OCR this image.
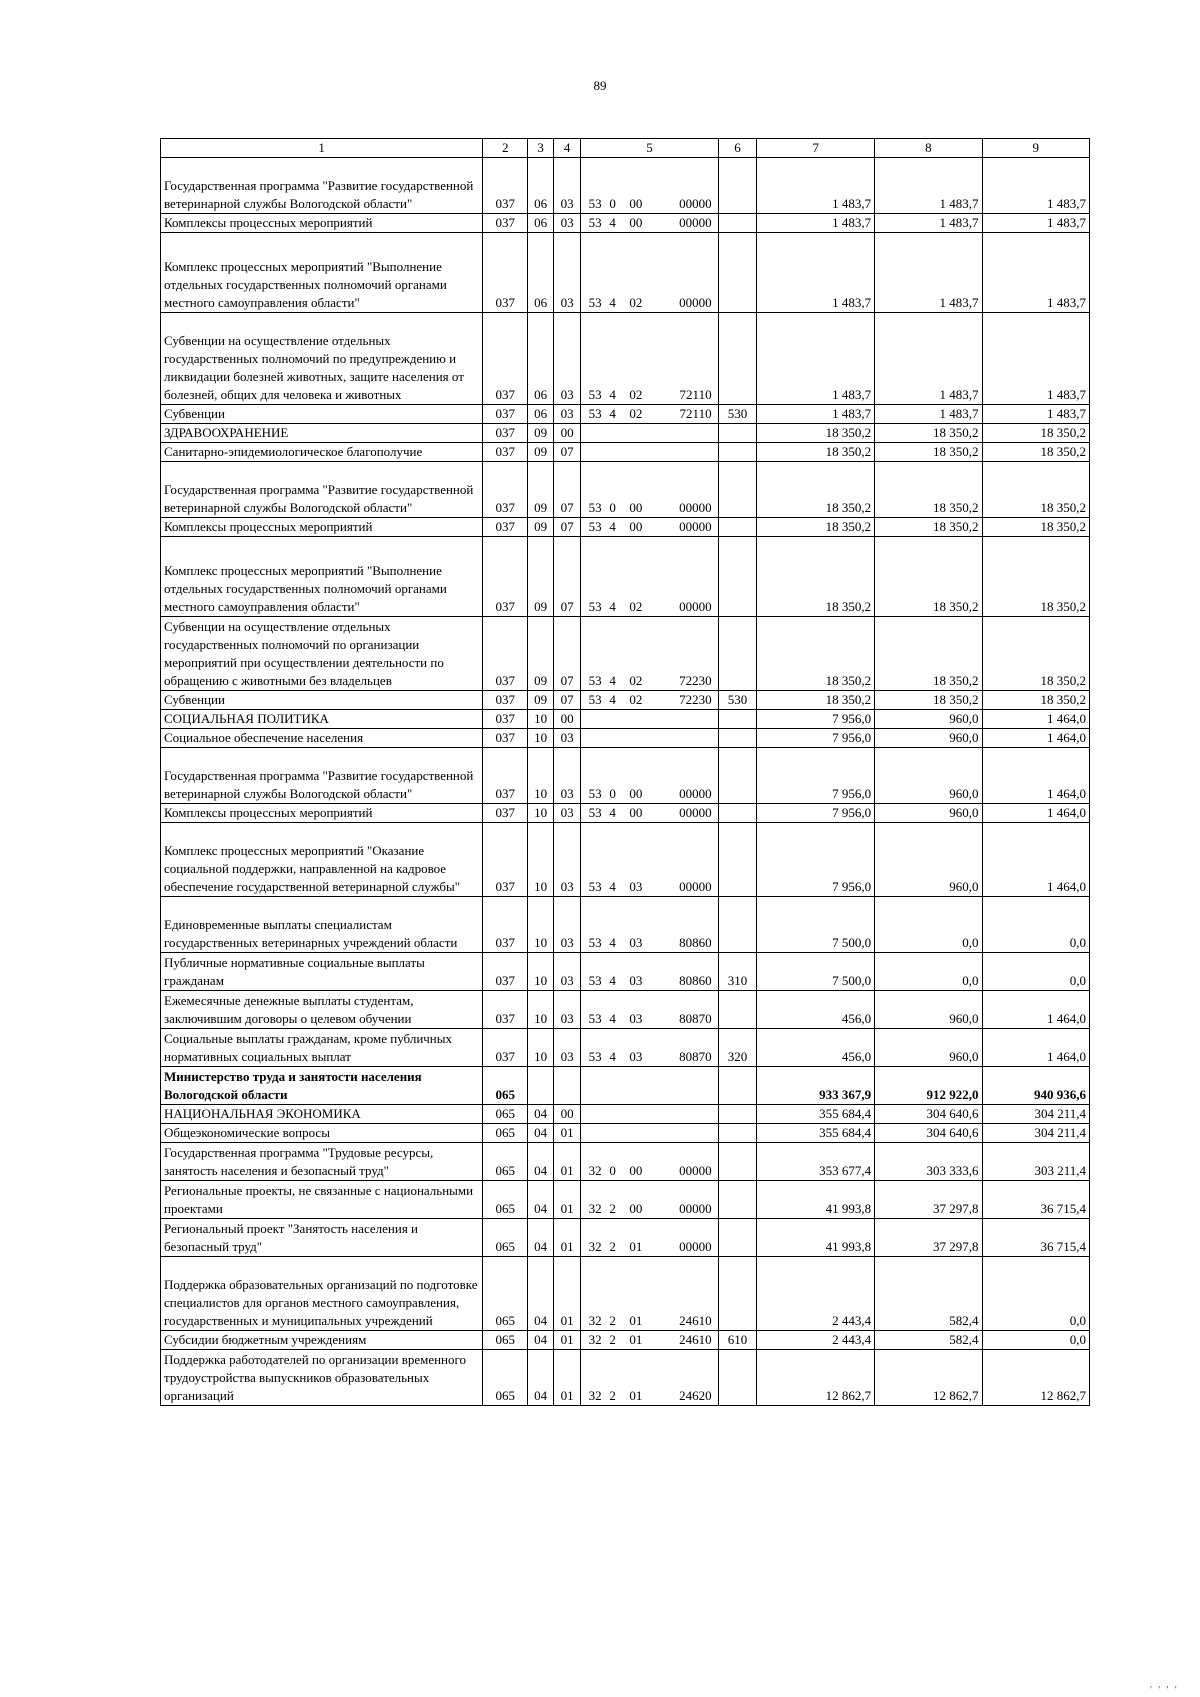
89
1	2	3	4	5	6	7	8	9
Государственная программа "Развитие государственной ветеринарной службы Вологодской области"	037	06	03	53 0 00 00000		1 483,7	1 483,7	1 483,7
Комплексы процессных мероприятий	037	06	03	53 4 00 00000		1 483,7	1 483,7	1 483,7
Комплекс процессных мероприятий "Выполнение отдельных государственных полномочий органами местного самоуправления области"	037	06	03	53 4 02 00000		1 483,7	1 483,7	1 483,7
Субвенции на осуществление отдельных государственных полномочий по предупреждению и ликвидации болезней животных, защите населения от болезней, общих для человека и животных	037	06	03	53 4 02 72110		1 483,7	1 483,7	1 483,7
Субвенции	037	06	03	53 4 02 72110	530	1 483,7	1 483,7	1 483,7
ЗДРАВООХРАНЕНИЕ	037	09	00			18 350,2	18 350,2	18 350,2
Санитарно-эпидемиологическое благополучие	037	09	07			18 350,2	18 350,2	18 350,2
Государственная программа "Развитие государственной ветеринарной службы Вологодской области"	037	09	07	53 0 00 00000		18 350,2	18 350,2	18 350,2
Комплексы процессных мероприятий	037	09	07	53 4 00 00000		18 350,2	18 350,2	18 350,2
Комплекс процессных мероприятий "Выполнение отдельных государственных полномочий органами местного самоуправления области"	037	09	07	53 4 02 00000		18 350,2	18 350,2	18 350,2
Субвенции на осуществление отдельных государственных полномочий по организации мероприятий при осуществлении деятельности по обращению с животными без владельцев	037	09	07	53 4 02 72230		18 350,2	18 350,2	18 350,2
Субвенции	037	09	07	53 4 02 72230	530	18 350,2	18 350,2	18 350,2
СОЦИАЛЬНАЯ ПОЛИТИКА	037	10	00			7 956,0	960,0	1 464,0
Социальное обеспечение населения	037	10	03			7 956,0	960,0	1 464,0
Государственная программа "Развитие государственной ветеринарной службы Вологодской области"	037	10	03	53 0 00 00000		7 956,0	960,0	1 464,0
Комплексы процессных мероприятий	037	10	03	53 4 00 00000		7 956,0	960,0	1 464,0
Комплекс процессных мероприятий "Оказание социальной поддержки, направленной на кадровое обеспечение государственной ветеринарной службы"	037	10	03	53 4 03 00000		7 956,0	960,0	1 464,0
Единовременные выплаты специалистам государственных ветеринарных учреждений области	037	10	03	53 4 03 80860		7 500,0	0,0	0,0
Публичные нормативные социальные выплаты гражданам	037	10	03	53 4 03 80860	310	7 500,0	0,0	0,0
Ежемесячные денежные выплаты студентам, заключившим договоры о целевом обучении	037	10	03	53 4 03 80870		456,0	960,0	1 464,0
Социальные выплаты гражданам, кроме публичных нормативных социальных выплат	037	10	03	53 4 03 80870	320	456,0	960,0	1 464,0
Министерство труда и занятости населения Вологодской области	065					933 367,9	912 922,0	940 936,6
НАЦИОНАЛЬНАЯ ЭКОНОМИКА	065	04	00			355 684,4	304 640,6	304 211,4
Общеэкономические вопросы	065	04	01			355 684,4	304 640,6	304 211,4
Государственная программа "Трудовые ресурсы, занятость населения и безопасный труд"	065	04	01	32 0 00 00000		353 677,4	303 333,6	303 211,4
Региональные проекты, не связанные с национальными проектами	065	04	01	32 2 00 00000		41 993,8	37 297,8	36 715,4
Региональный проект "Занятость населения и безопасный труд"	065	04	01	32 2 01 00000		41 993,8	37 297,8	36 715,4
Поддержка образовательных организаций по подготовке специалистов для органов местного самоуправления, государственных и муниципальных учреждений	065	04	01	32 2 01 24610		2 443,4	582,4	0,0
Субсидии бюджетным учреждениям	065	04	01	32 2 01 24610	610	2 443,4	582,4	0,0
Поддержка работодателей по организации временного трудоустройства выпускников образовательных организаций	065	04	01	32 2 01 24620		12 862,7	12 862,7	12 862,7
' ' ' '
